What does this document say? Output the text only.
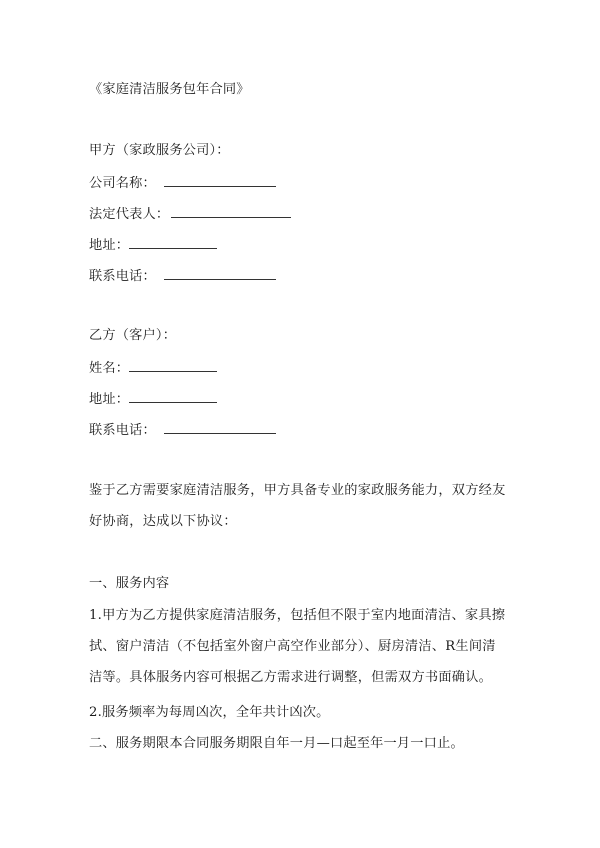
《家庭清洁服务包年合同》
甲方（家政服务公司）：
公司名称：
法定代表人：
地址：
联系电话：
乙方（客户）：
姓名：
地址：
联系电话：
鉴于乙方需要家庭清洁服务，甲方具备专业的家政服务能力，双方经友好协商，达成以下协议：
一、服务内容
1.甲方为乙方提供家庭清洁服务，包括但不限于室内地面清洁、家具擦拭、窗户清洁（不包括室外窗户高空作业部分）、厨房清洁、R生间清洁等。具体服务内容可根据乙方需求进行调整，但需双方书面确认。
2.服务频率为每周凶次，全年共计凶次。
二、服务期限本合同服务期限自年一月—口起至年一月一口止。
